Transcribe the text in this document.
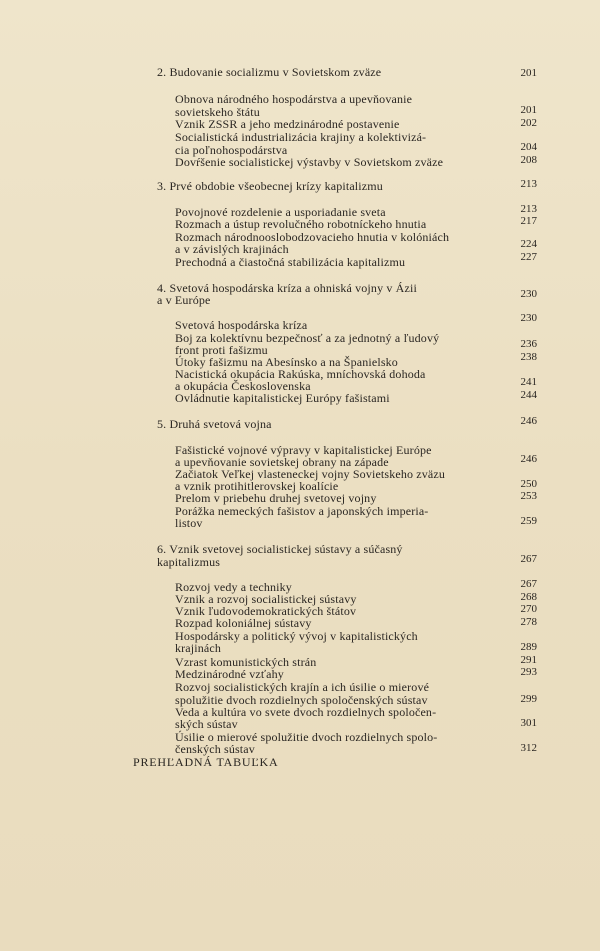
2. Budovanie socializmu v Sovietskom zväze
Obnova národného hospodárstva a upevňovanie
sovietskeho štátu
Vznik ZSSR a jeho medzinárodné postavenie
Socialistická industrializácia krajiny a kolektivizá-
cia poľnohospodárstva
Dovŕšenie socialistickej výstavby v Sovietskom zväze
3. Prvé obdobie všeobecnej krízy kapitalizmu
Povojnové rozdelenie a usporiadanie sveta
Rozmach a ústup revolučného robotníckeho hnutia
Rozmach národnooslobodzovacieho hnutia v kolóniách
a v závislých krajinách
Prechodná a čiastočná stabilizácia kapitalizmu
4. Svetová hospodárska kríza a ohniská vojny v Ázii
a v Európe
Svetová hospodárska kríza
Boj za kolektívnu bezpečnosť a za jednotný a ľudový
front proti fašizmu
Útoky fašizmu na Abesínsko a na Španielsko
Nacistická okupácia Rakúska, mníchovská dohoda
a okupácia Československa
Ovládnutie kapitalistickej Európy fašistami
5. Druhá svetová vojna
Fašistické vojnové výpravy v kapitalistickej Európe
a upevňovanie sovietskej obrany na západe
Začiatok Veľkej vlasteneckej vojny Sovietskeho zväzu
a vznik protihitlerovskej koalície
Prelom v priebehu druhej svetovej vojny
Porážka nemeckých fašistov a japonských imperia-
listov
6. Vznik svetovej socialistickej sústavy a súčasný
kapitalizmus
Rozvoj vedy a techniky
Vznik a rozvoj socialistickej sústavy
Vznik ľudovodemokratických štátov
Rozpad koloniálnej sústavy
Hospodársky a politický vývoj v kapitalistických
krajinách
Vzrast komunistických strán
Medzinárodné vzťahy
Rozvoj socialistických krajín a ich úsilie o mierové
spolužitie dvoch rozdielnych spoločenských sústav
Veda a kultúra vo svete dvoch rozdielnych spoločen-
ských sústav
Úsilie o mierové spolužitie dvoch rozdielnych spolo-
čenských sústav
PREHĽADNÁ TABUĽKA
201
201
202
204
208
213
213
217
224
227
230
230
236
238
241
244
246
246
250
253
259
267
267
268
270
278
289
291
293
299
301
312
